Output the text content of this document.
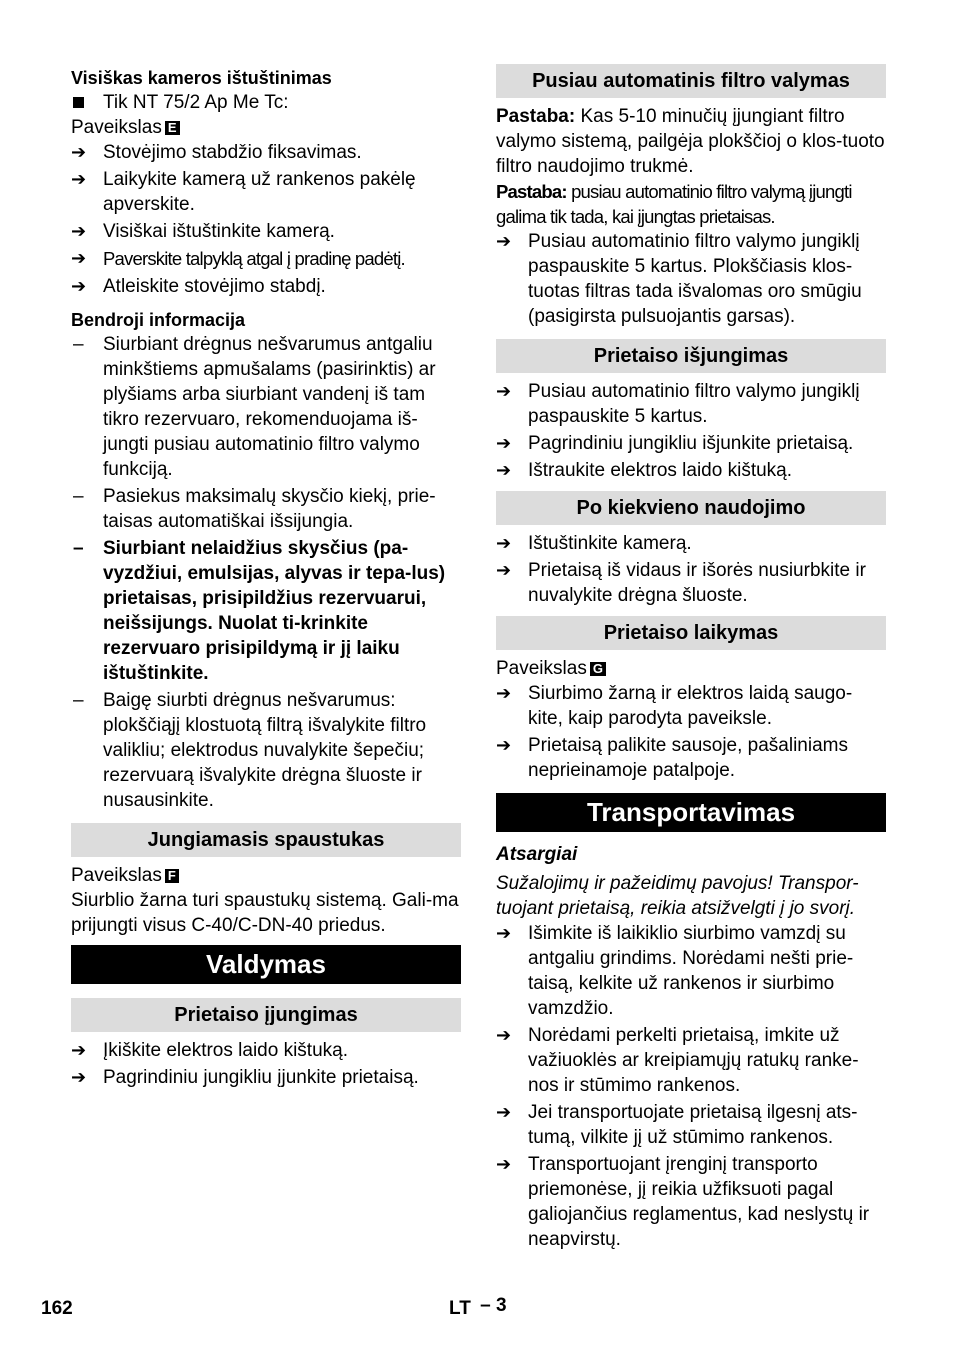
Visiškas kameros ištuštinimas
Tik NT 75/2 Ap Me Tc:
Paveikslas E
➔ Stovėjimo stabdžio fiksavimas.
➔ Laikykite kamerą už rankenos pakėlę apverskite.
➔ Visiškai ištuštinkite kamerą.
➔ Paverskite talpyklą atgal į pradinę padėtį.
➔ Atleiskite stovėjimo stabdį.
Bendroji informacija
–	Siurbiant drėgnus nešvarumus antgaliu minkštiems apmušalams (pasirinktis) ar plyšiams arba siurbiant vandenį iš tam tikro rezervuaro, rekomenduojama iš-jungti pusiau automatinio filtro valymo funkciją.
–	Pasiekus maksimalų skysčio kiekį, prie-taisas automatiškai išsijungia.
–	Siurbiant nelaidžius skysčius (pa-vyzdžiui, emulsijas, alyvas ir tepa-lus) prietaisas, prisipildžius rezervuarui, neišsijungs. Nuolat ti-krinkite rezervuaro prisipildymą ir jį laiku ištuštinkite.
–	Baigę siurbti drėgnus nešvarumus: plokščiąjį klostuotą filtrą išvalykite filtro valikliu; elektrodus nuvalykite šepečiu; rezervuarą išvalykite drėgna šluoste ir nusausinkite.
Jungiamasis spaustukas
Paveikslas F
Siurblio žarna turi spaustukų sistemą. Gali-ma prijungti visus C-40/C-DN-40 priedus.
Valdymas
Prietaiso įjungimas
➔ Įkiškite elektros laido kištuką.
➔ Pagrindiniu jungikliu įjunkite prietaisą.
Pusiau automatinis filtro valymas
Pastaba: Kas 5-10 minučių įjungiant filtro valymo sistemą, pailgėja plokščioj o klos-tuoto filtro naudojimo trukmė.
Pastaba: pusiau automatinio filtro valymą įjungti galima tik tada, kai įjungtas prietaisas.
➔ Pusiau automatinio filtro valymo jungiklį paspauskite 5 kartus. Plokščiasis klos-tuotas filtras tada išvalomas oro smūgiu (pasigirsta pulsuojantis garsas).
Prietaiso išjungimas
➔ Pusiau automatinio filtro valymo jungiklį paspauskite 5 kartus.
➔ Pagrindiniu jungikliu išjunkite prietaisą.
➔ Ištraukite elektros laido kištuką.
Po kiekvieno naudojimo
➔ Ištuštinkite kamerą.
➔ Prietaisą iš vidaus ir išorės nusiurbkite ir nuvalykite drėgna šluoste.
Prietaiso laikymas
Paveikslas G
➔ Siurbimo žarną ir elektros laidą saugo-kite, kaip parodyta paveiksle.
➔ Prietaisą palikite sausoje, pašaliniams neprieinamoje patalpoje.
Transportavimas
Atsargiai
Sužalojimų ir pažeidimų pavojus! Transpor-tuojant prietaisą, reikia atsižvelgti į jo svorį.
➔ Išimkite iš laikiklio siurbimo vamzdį su antgaliu grindims. Norėdami nešti prie-taisą, kelkite už rankenos ir siurbimo vamzdžio.
➔ Norėdami perkelti prietaisą, imkite už važiuoklės ar kreipiamųjų ratukų ranke-nos ir stūmimo rankenos.
➔ Jei transportuojate prietaisą ilgesnį ats-tumą, vilkite jį už stūmimo rankenos.
➔ Transportuojant įrenginį transporto priemonėse, jį reikia užfiksuoti pagal galiojančius reglamentus, kad neslystų ir neapvirstų.
162	LT – 3
